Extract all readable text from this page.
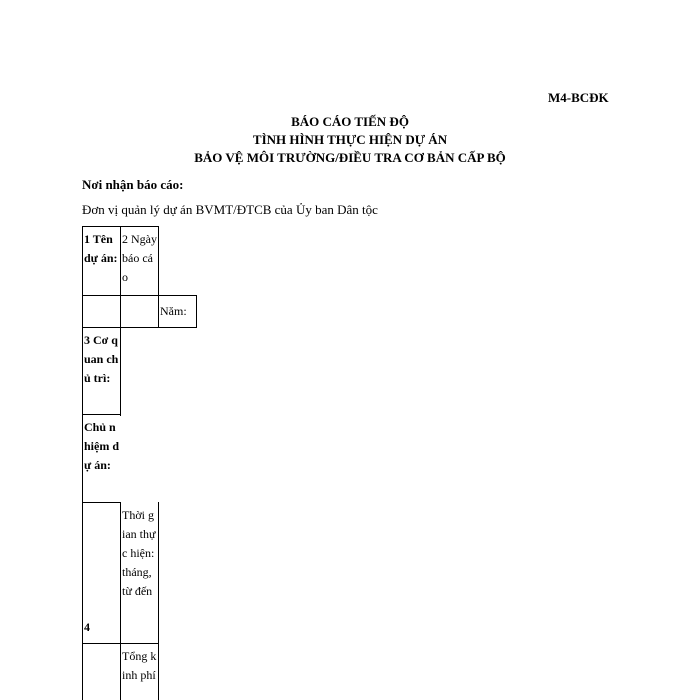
M4-BCĐK
BÁO CÁO TIẾN ĐỘ
TÌNH HÌNH THỰC HIỆN DỰ ÁN
BẢO VỆ MÔI TRƯỜNG/ĐIỀU TRA CƠ BẢN CẤP BỘ
Nơi nhận báo cáo:
Đơn vị quản lý dự án BVMT/ĐTCB của Ủy ban Dân tộc
1 Tên dự án:
2 Ngày báo cáo
Năm:
3 Cơ quan chủ trì:
Chủ nhiệm dự án:
4
Thời gian thực hiện: tháng, từ đến
Tổng kinh phí
